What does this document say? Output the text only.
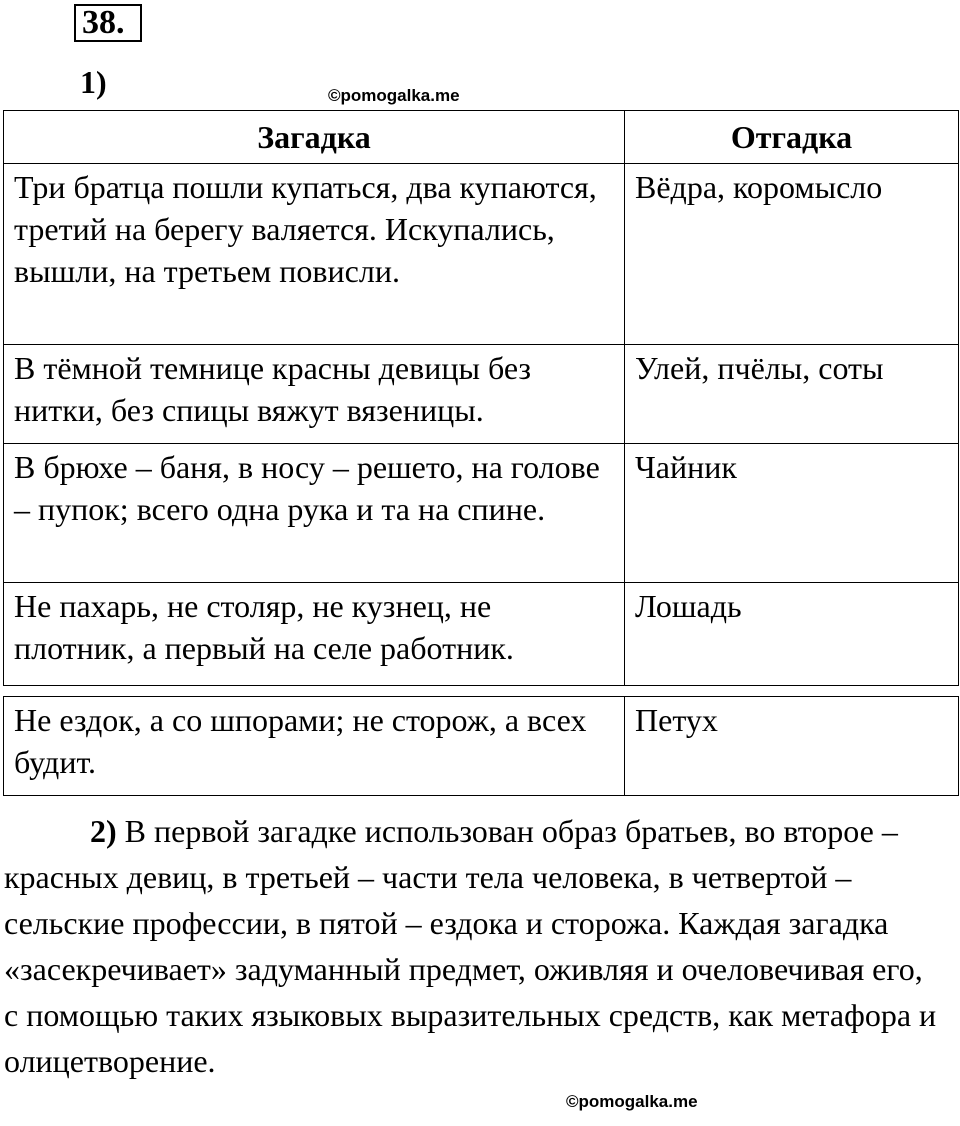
38.
1)	©pomogalka.me
Загадка	Отгадка
Три братца пошли купаться, два купаются, третий на берегу валяется. Искупались, вышли, на третьем повисли.	Вёдра, коромысло
В тёмной темнице красны девицы без нитки, без спицы вяжут вязеницы.	Улей, пчёлы, соты
В брюхе – баня, в носу – решето, на голове – пупок; всего одна рука и та на спине.	Чайник
Не пахарь, не столяр, не кузнец, не плотник, а первый на селе работник.	Лошадь
Не ездок, а со шпорами; не сторож, а всех будит.	Петух

2) В первой загадке использован образ братьев, во второе – красных девиц, в третьей – части тела человека, в четвертой – сельские профессии, в пятой – ездока и сторожа. Каждая загадка «засекречивает» задуманный предмет, оживляя и очеловечивая его, с помощью таких языковых выразительных средств, как метафора и олицетворение.

©pomogalka.me
